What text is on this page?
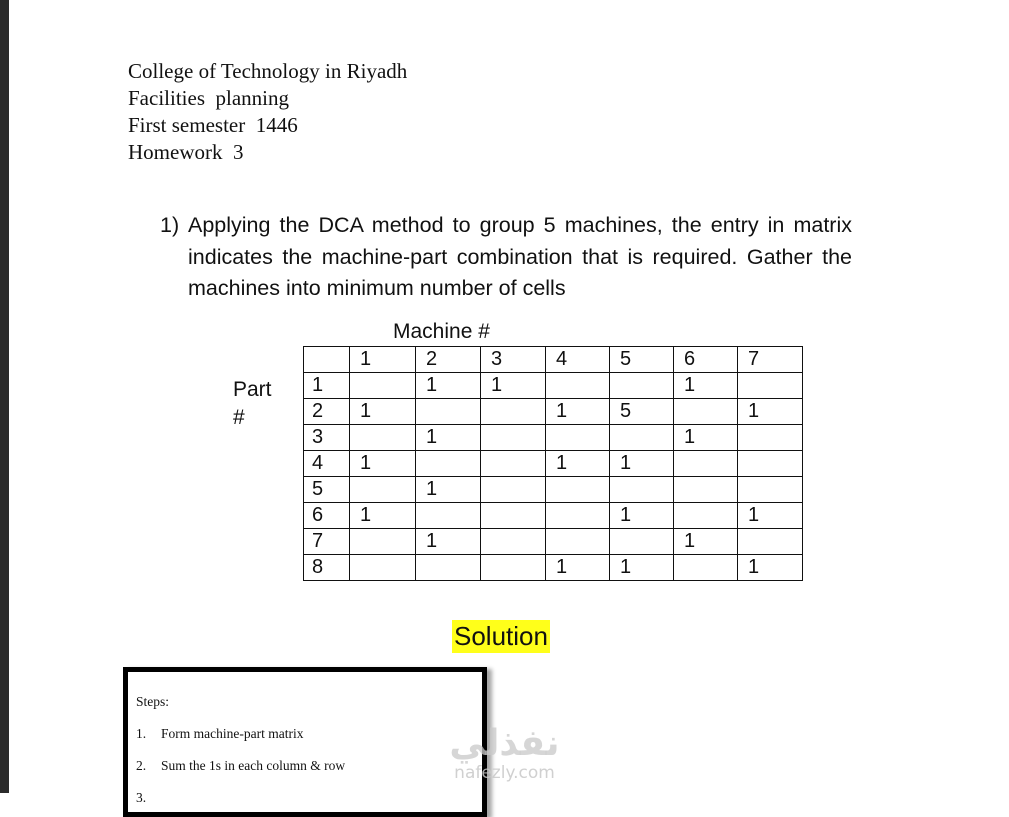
College of Technology in Riyadh
Facilities  planning
First semester  1446
Homework  3
1) Applying the DCA method to group 5 machines, the entry in matrix indicates the machine-part combination that is required. Gather the machines into minimum number of cells
Machine #
Part
#
	1	2	3	4	5	6	7
1		1	1			1	
2	1			1	5		1
3		1				1	
4	1			1	1		
5		1					
6	1				1		1
7		1				1	
8				1	1		1
Solution
Steps:
1. Form machine-part matrix
2. Sum the 1s in each column & row
3.
نفذلي
nafezly.com
